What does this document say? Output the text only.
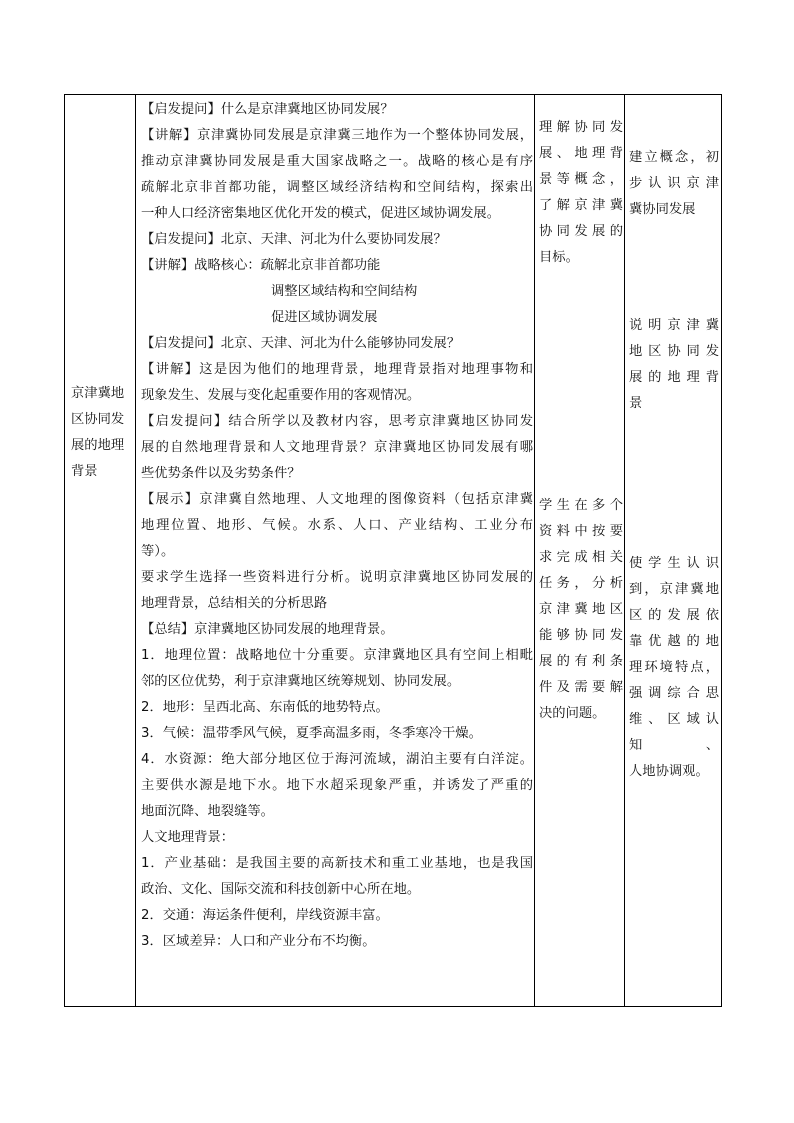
京津冀地

区协同发

展的地理

背景

【启发提问】什么是京津冀地区协同发展？

【讲解】京津冀协同发展是京津冀三地作为一个整体协同发展，

推动京津冀协同发展是重大国家战略之一。战略的核心是有序

疏解北京非首都功能，调整区域经济结构和空间结构，探索出

一种人口经济密集地区优化开发的模式，促进区域协调发展。

【启发提问】北京、天津、河北为什么要协同发展？

【讲解】战略核心：疏解北京非首都功能

调整区域结构和空间结构

促进区域协调发展

【启发提问】北京、天津、河北为什么能够协同发展？

【讲解】这是因为他们的地理背景，地理背景指对地理事物和

现象发生、发展与变化起重要作用的客观情况。

【启发提问】结合所学以及教材内容，思考京津冀地区协同发

展的自然地理背景和人文地理背景？京津冀地区协同发展有哪

些优势条件以及劣势条件？

【展示】京津冀自然地理、人文地理的图像资料（包括京津冀

地理位置、地形、气候。水系、人口、产业结构、工业分布

等）。

要求学生选择一些资料进行分析。说明京津冀地区协同发展的

地理背景，总结相关的分析思路

【总结】京津冀地区协同发展的地理背景。

1．地理位置：战略地位十分重要。京津冀地区具有空间上相毗

邻的区位优势，利于京津冀地区统筹规划、协同发展。

2．地形：呈西北高、东南低的地势特点。

3．气候：温带季风气候，夏季高温多雨，冬季寒冷干燥。

4．水资源：绝大部分地区位于海河流域，湖泊主要有白洋淀。

主要供水源是地下水。地下水超采现象严重，并诱发了严重的

地面沉降、地裂缝等。

人文地理背景：

1．产业基础：是我国主要的高新技术和重工业基地，也是我国

政治、文化、国际交流和科技创新中心所在地。

2．交通：海运条件便利，岸线资源丰富。

3．区域差异：人口和产业分布不均衡。

理解协同发

展、地理背

景等概念，

了解京津冀

协同发展的

目标。

学生在多个

资料中按要

求完成相关

任务，分析

京津冀地区

能够协同发

展的有利条

件及需要解

决的问题。

建立概念，初

步认识京津

冀协同发展

说明京津冀

地区协同发

展的地理背

景

使学生认识

到，京津冀地

区的发展依

靠优越的地

理环境特点，

强调综合思

维、区域认知、

人地协调观。
